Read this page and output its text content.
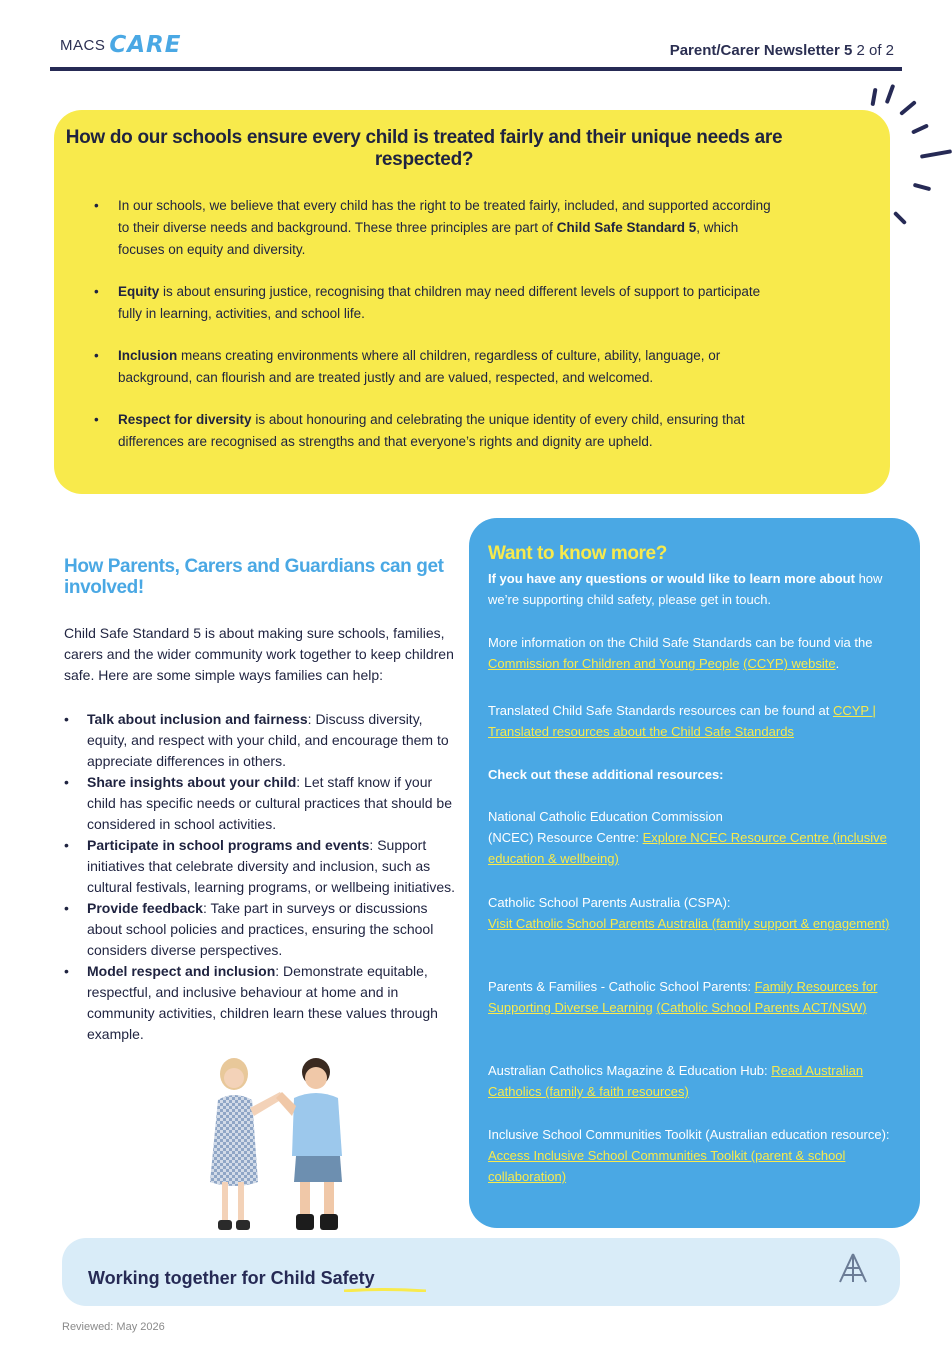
MACS CARE	Parent/Carer Newsletter 5 2 of 2
How do our schools ensure every child is treated fairly and their unique needs are respected?
• In our schools, we believe that every child has the right to be treated fairly, included, and supported according to their diverse needs and background. These three principles are part of Child Safe Standard 5, which focuses on equity and diversity.
• Equity is about ensuring justice, recognising that children may need different levels of support to participate fully in learning, activities, and school life.
• Inclusion means creating environments where all children, regardless of culture, ability, language, or background, can flourish and are treated justly and are valued, respected, and welcomed.
• Respect for diversity is about honouring and celebrating the unique identity of every child, ensuring that differences are recognised as strengths and that everyone’s rights and dignity are upheld.
How Parents, Carers and Guardians can get involved!
Child Safe Standard 5 is about making sure schools, families, carers and the wider community work together to keep children safe. Here are some simple ways families can help:
• Talk about inclusion and fairness: Discuss diversity, equity, and respect with your child, and encourage them to appreciate differences in others.
• Share insights about your child: Let staff know if your child has specific needs or cultural practices that should be considered in school activities.
• Participate in school programs and events: Support initiatives that celebrate diversity and inclusion, such as cultural festivals, learning programs, or wellbeing initiatives.
• Provide feedback: Take part in surveys or discussions about school policies and practices, ensuring the school considers diverse perspectives.
• Model respect and inclusion: Demonstrate equitable, respectful, and inclusive behaviour at home and in community activities, children learn these values through example.
Want to know more?
If you have any questions or would like to learn more about how we’re supporting child safety, please get in touch.
More information on the Child Safe Standards can be found via the Commission for Children and Young People (CCYP) website.
Translated Child Safe Standards resources can be found at CCYP | Translated resources about the Child Safe Standards
Check out these additional resources:
National Catholic Education Commission
(NCEC) Resource Centre: Explore NCEC Resource Centre (inclusive education & wellbeing)
Catholic School Parents Australia (CSPA):
Visit Catholic School Parents Australia (family support & engagement)
Parents & Families - Catholic School Parents: Family Resources for Supporting Diverse Learning (Catholic School Parents ACT/NSW)
Australian Catholics Magazine & Education Hub: Read Australian Catholics (family & faith resources)
Inclusive School Communities Toolkit (Australian education resource):
Access Inclusive School Communities Toolkit (parent & school collaboration)
Working together for Child Safety
Reviewed: May 2026
